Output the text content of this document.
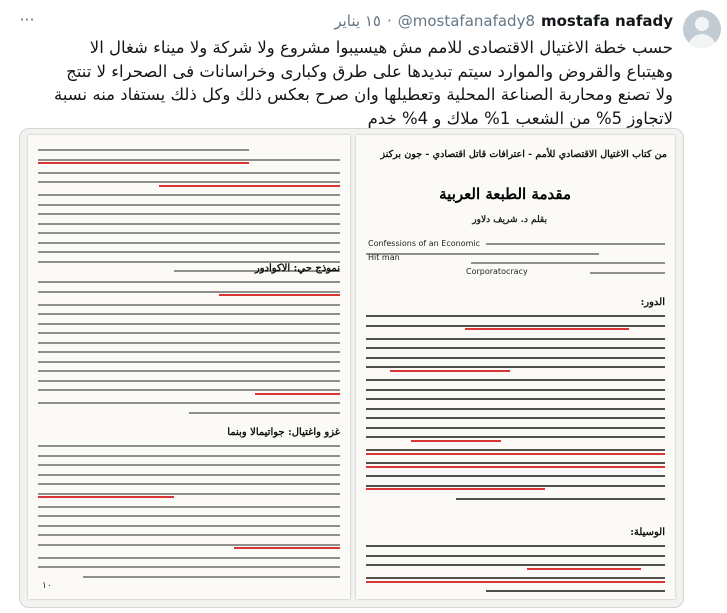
mostafa nafady
@mostafanafady8
·
١٥ يناير
···
حسب خطة الاغتيال الاقتصادى للامم مش هيسيبوا مشروع ولا شركة ولا ميناء شغال الا
وهيتباع والقروض والموارد سيتم تبديدها على طرق وكبارى وخراسانات فى الصحراء لا تنتج
ولا تصنع ومحاربة الصناعة المحلية وتعطيلها وان صرح بعكس ذلك وكل ذلك يستفاد منه نسبة
لاتجاوز 5% من الشعب 1% ملاك و 4% خدم
نموذج حي: الاكوادور
غزو واغتيال: جواتيمالا وبنما
١٠
من كتاب الاغتيال الاقتصادي للأمم - اعترافات قاتل اقتصادي - جون بركنز
مقدمة الطبعة العربية
بقلم د. شريف دلاور
Confessions of an Economic
Hit man
Corporatocracy
الدور:
الوسيلة:
